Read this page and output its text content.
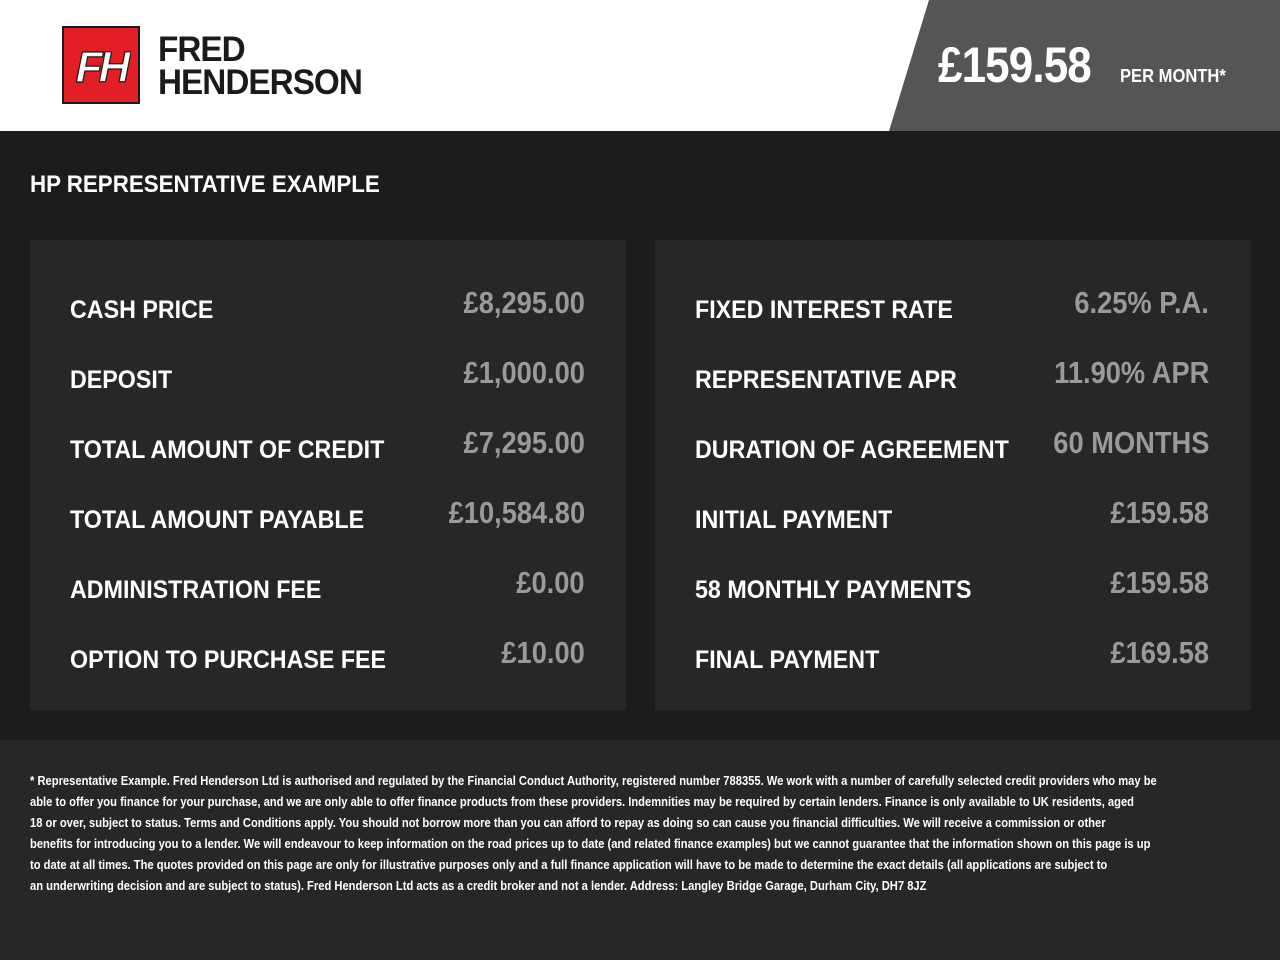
FH FRED
HENDERSON	£159.58 PER MONTH*
HP REPRESENTATIVE EXAMPLE
CASH PRICE	£8,295.00
DEPOSIT	£1,000.00
TOTAL AMOUNT OF CREDIT	£7,295.00
TOTAL AMOUNT PAYABLE	£10,584.80
ADMINISTRATION FEE	£0.00
OPTION TO PURCHASE FEE	£10.00
FIXED INTEREST RATE	6.25% P.A.
REPRESENTATIVE APR	11.90% APR
DURATION OF AGREEMENT 60 MONTHS
INITIAL PAYMENT	£159.58
58 MONTHLY PAYMENTS	£159.58
FINAL PAYMENT	£169.58
* Representative Example. Fred Henderson Ltd is authorised and regulated by the Financial Conduct Authority, registered number 788355. We work with a number of carefully selected credit providers who may be
able to offer you finance for your purchase, and we are only able to offer finance products from these providers. Indemnities may be required by certain lenders. Finance is only available to UK residents, aged
18 or over, subject to status. Terms and Conditions apply. You should not borrow more than you can afford to repay as doing so can cause you financial difficulties. We will receive a commission or other
benefits for introducing you to a lender. We will endeavour to keep information on the road prices up to date (and related finance examples) but we cannot guarantee that the information shown on this page is up
to date at all times. The quotes provided on this page are only for illustrative purposes only and a full finance application will have to be made to determine the exact details (all applications are subject to
an underwriting decision and are subject to status). Fred Henderson Ltd acts as a credit broker and not a lender. Address: Langley Bridge Garage, Durham City, DH7 8JZ
